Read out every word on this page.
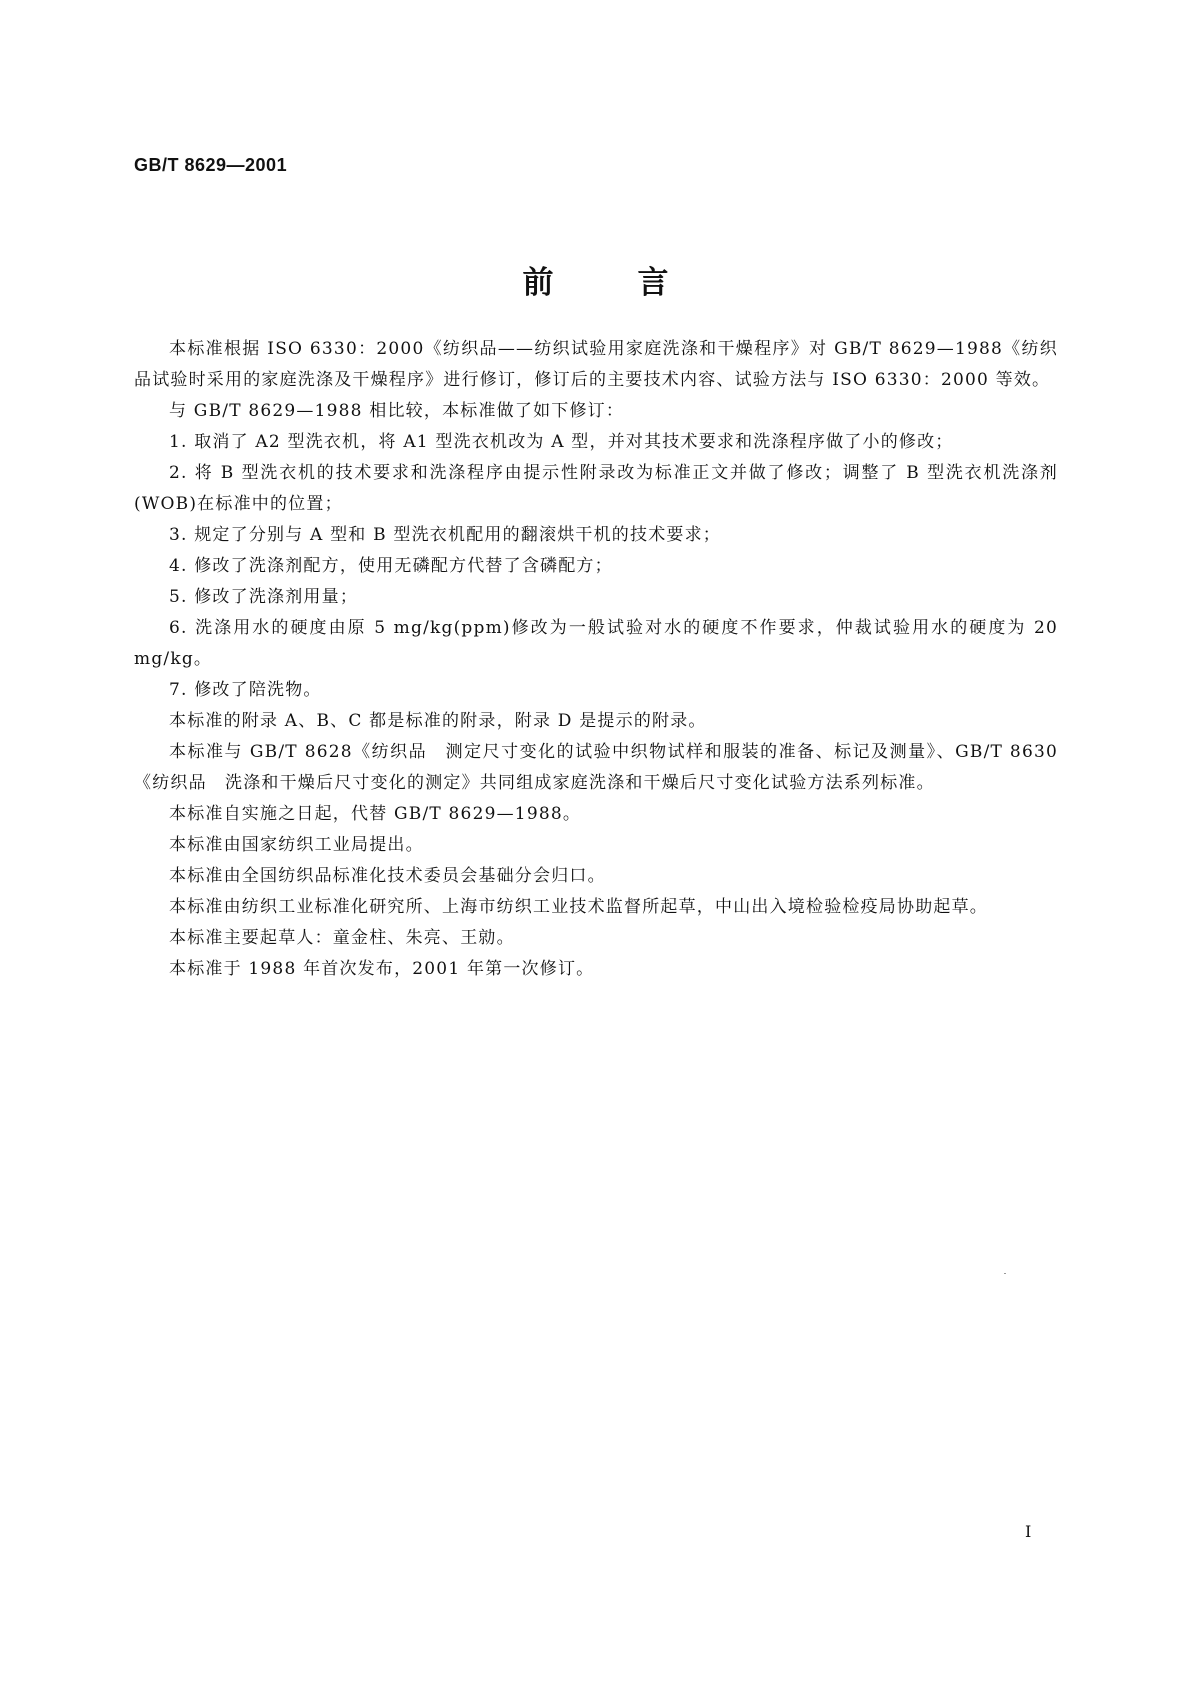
GB/T 8629—2001
前	言

本标准根据 ISO 6330：2000《纺织品——纺织试验用家庭洗涤和干燥程序》对 GB/T 8629—1988《纺织品试验时采用的家庭洗涤及干燥程序》进行修订，修订后的主要技术内容、试验方法与 ISO 6330：2000 等效。

与 GB/T 8629—1988 相比较，本标准做了如下修订：

1. 取消了 A2 型洗衣机，将 A1 型洗衣机改为 A 型，并对其技术要求和洗涤程序做了小的修改；

2. 将 B 型洗衣机的技术要求和洗涤程序由提示性附录改为标准正文并做了修改；调整了 B 型洗衣机洗涤剂(WOB)在标准中的位置；

3. 规定了分别与 A 型和 B 型洗衣机配用的翻滚烘干机的技术要求；

4. 修改了洗涤剂配方，使用无磷配方代替了含磷配方；

5. 修改了洗涤剂用量；

6. 洗涤用水的硬度由原 5 mg/kg(ppm)修改为一般试验对水的硬度不作要求，仲裁试验用水的硬度为 20 mg/kg。

7. 修改了陪洗物。

本标准的附录 A、B、C 都是标准的附录，附录 D 是提示的附录。

本标准与 GB/T 8628《纺织品　测定尺寸变化的试验中织物试样和服装的准备、标记及测量》、GB/T 8630《纺织品　洗涤和干燥后尺寸变化的测定》共同组成家庭洗涤和干燥后尺寸变化试验方法系列标准。

本标准自实施之日起，代替 GB/T 8629—1988。

本标准由国家纺织工业局提出。

本标准由全国纺织品标准化技术委员会基础分会归口。

本标准由纺织工业标准化研究所、上海市纺织工业技术监督所起草，中山出入境检验检疫局协助起草。

本标准主要起草人：童金柱、朱亮、王勍。

本标准于 1988 年首次发布，2001 年第一次修订。

I
